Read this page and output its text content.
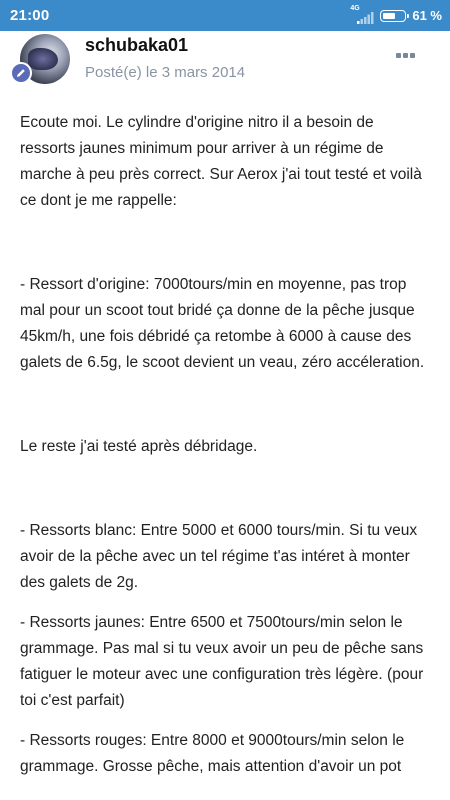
21:00	4G	61 %
schubaka01
Posté(e) le 3 mars 2014

Ecoute moi. Le cylindre d'origine nitro il a besoin de ressorts jaunes minimum pour arriver à un régime de marche à peu près correct. Sur Aerox j'ai tout testé et voilà ce dont je me rappelle:

- Ressort d'origine: 7000tours/min en moyenne, pas trop mal pour un scoot tout bridé ça donne de la pêche jusque 45km/h, une fois débridé ça retombe à 6000 à cause des galets de 6.5g, le scoot devient un veau, zéro accéleration.

Le reste j'ai testé après débridage.

- Ressorts blanc: Entre 5000 et 6000 tours/min. Si tu veux avoir de la pêche avec un tel régime t'as intéret à monter des galets de 2g.

- Ressorts jaunes: Entre 6500 et 7500tours/min selon le grammage. Pas mal si tu veux avoir un peu de pêche sans fatiguer le moteur avec une configuration très légère. (pour toi c'est parfait)

- Ressorts rouges: Entre 8000 et 9000tours/min selon le grammage. Grosse pêche, mais attention d'avoir un pot
